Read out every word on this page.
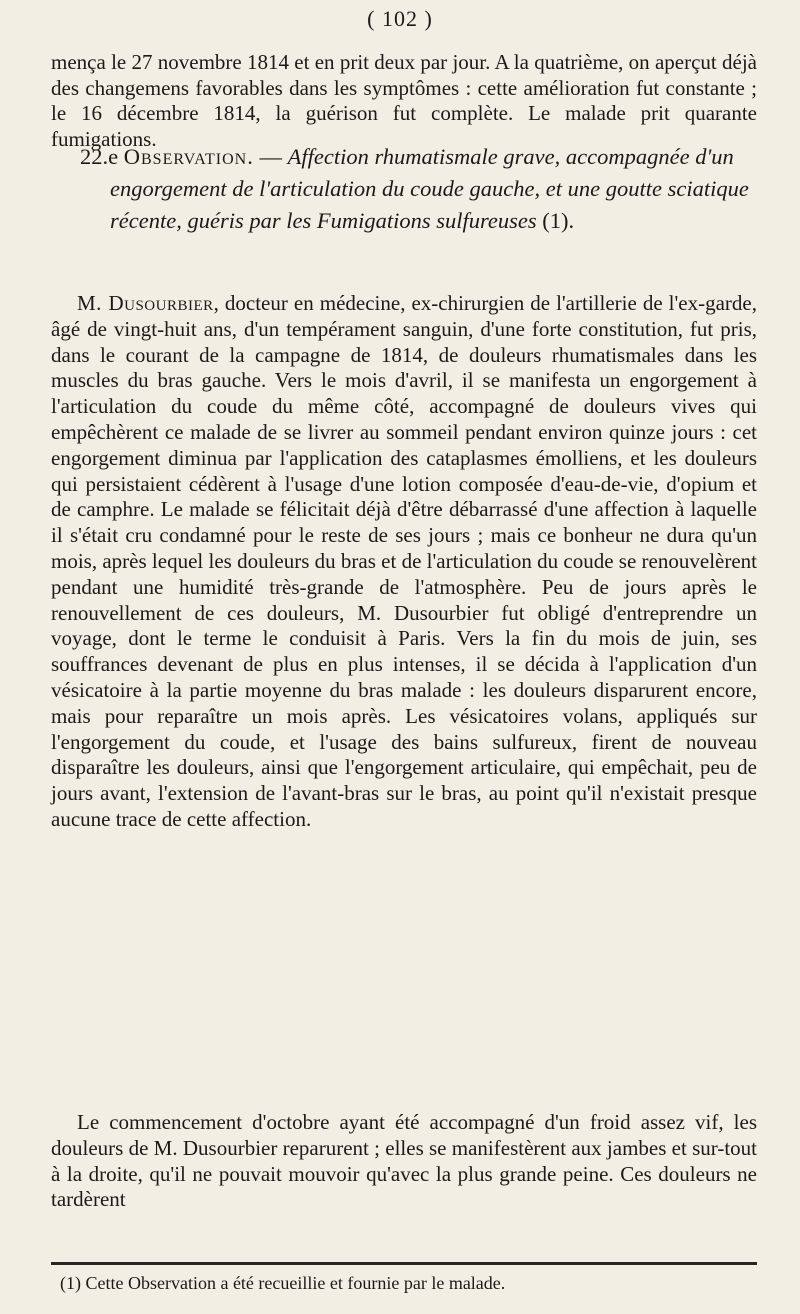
( 102 )

mença le 27 novembre 1814 et en prit deux par jour. A la quatrième, on aperçut déjà des changemens favorables dans les symptômes : cette amélioration fut constante ; le 16 décembre 1814, la guérison fut complète. Le malade prit quarante fumigations.

22.e Observation. — Affection rhumatismale grave, accompagnée d'un engorgement de l'articulation du coude gauche, et une goutte sciatique récente, guéris par les Fumigations sulfureuses (1).

M. Dusourbier, docteur en médecine, ex-chirurgien de l'artillerie de l'ex-garde, âgé de vingt-huit ans, d'un tempérament sanguin, d'une forte constitution, fut pris, dans le courant de la campagne de 1814, de douleurs rhumatismales dans les muscles du bras gauche. Vers le mois d'avril, il se manifesta un engorgement à l'articulation du coude du même côté, accompagné de douleurs vives qui empêchèrent ce malade de se livrer au sommeil pendant environ quinze jours : cet engorgement diminua par l'application des cataplasmes émolliens, et les douleurs qui persistaient cédèrent à l'usage d'une lotion composée d'eau-de-vie, d'opium et de camphre. Le malade se félicitait déjà d'être débarrassé d'une affection à laquelle il s'était cru condamné pour le reste de ses jours ; mais ce bonheur ne dura qu'un mois, après lequel les douleurs du bras et de l'articulation du coude se renouvelèrent pendant une humidité très-grande de l'atmosphère. Peu de jours après le renouvellement de ces douleurs, M. Dusourbier fut obligé d'entreprendre un voyage, dont le terme le conduisit à Paris. Vers la fin du mois de juin, ses souffrances devenant de plus en plus intenses, il se décida à l'application d'un vésicatoire à la partie moyenne du bras malade : les douleurs disparurent encore, mais pour reparaître un mois après. Les vésicatoires volans, appliqués sur l'engorgement du coude, et l'usage des bains sulfureux, firent de nouveau disparaître les douleurs, ainsi que l'engorgement articulaire, qui empêchait, peu de jours avant, l'extension de l'avant-bras sur le bras, au point qu'il n'existait presque aucune trace de cette affection.

Le commencement d'octobre ayant été accompagné d'un froid assez vif, les douleurs de M. Dusourbier reparurent ; elles se manifestèrent aux jambes et sur-tout à la droite, qu'il ne pouvait mouvoir qu'avec la plus grande peine. Ces douleurs ne tardèrent

(1) Cette Observation a été recueillie et fournie par le malade.
